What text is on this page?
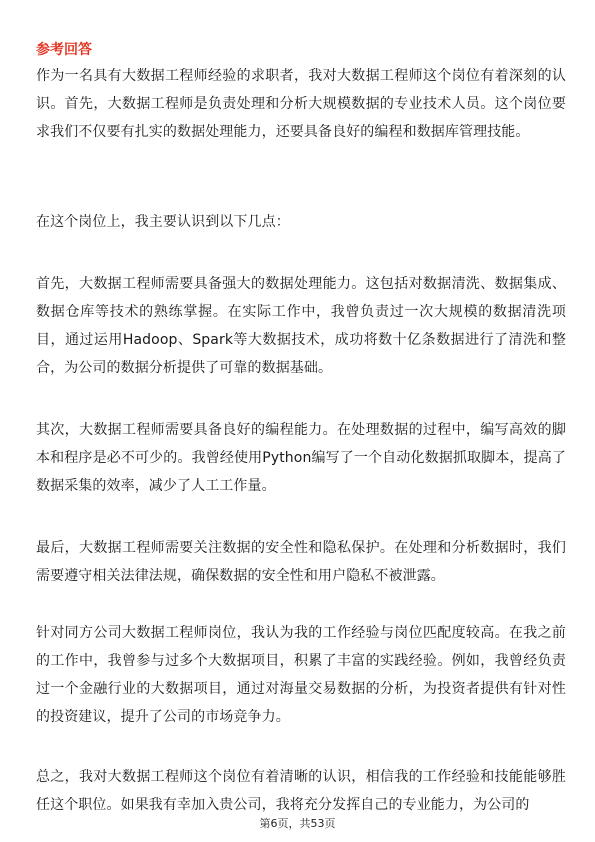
参考回答

作为一名具有大数据工程师经验的求职者，我对大数据工程师这个岗位有着深刻的认识。首先，大数据工程师是负责处理和分析大规模数据的专业技术人员。这个岗位要求我们不仅要有扎实的数据处理能力，还要具备良好的编程和数据库管理技能。

在这个岗位上，我主要认识到以下几点：

首先，大数据工程师需要具备强大的数据处理能力。这包括对数据清洗、数据集成、数据仓库等技术的熟练掌握。在实际工作中，我曾负责过一次大规模的数据清洗项目，通过运用Hadoop、Spark等大数据技术，成功将数十亿条数据进行了清洗和整合，为公司的数据分析提供了可靠的数据基础。

其次，大数据工程师需要具备良好的编程能力。在处理数据的过程中，编写高效的脚本和程序是必不可少的。我曾经使用Python编写了一个自动化数据抓取脚本，提高了数据采集的效率，减少了人工工作量。

最后，大数据工程师需要关注数据的安全性和隐私保护。在处理和分析数据时，我们需要遵守相关法律法规，确保数据的安全性和用户隐私不被泄露。

针对同方公司大数据工程师岗位，我认为我的工作经验与岗位匹配度较高。在我之前的工作中，我曾参与过多个大数据项目，积累了丰富的实践经验。例如，我曾经负责过一个金融行业的大数据项目，通过对海量交易数据的分析，为投资者提供有针对性的投资建议，提升了公司的市场竞争力。

总之，我对大数据工程师这个岗位有着清晰的认识，相信我的工作经验和技能能够胜任这个职位。如果我有幸加入贵公司，我将充分发挥自己的专业能力，为公司的

第6页，共53页
